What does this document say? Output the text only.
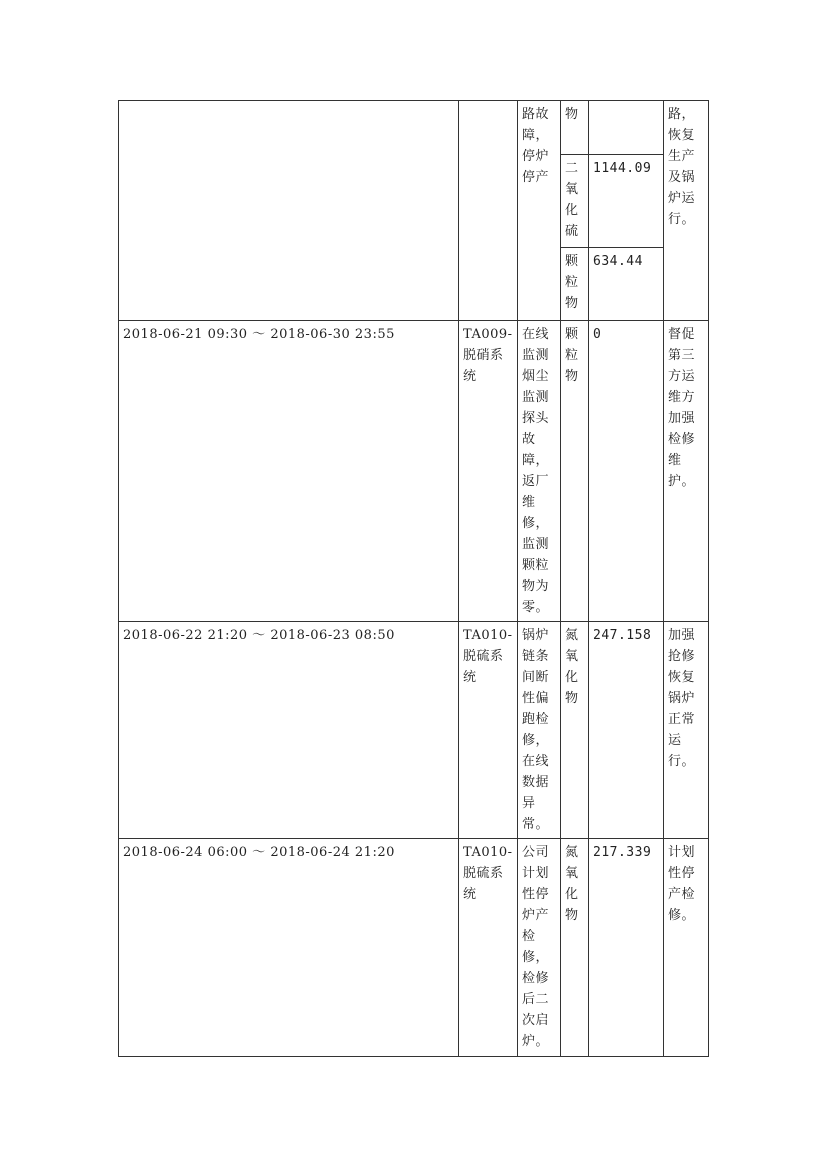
		路故障，停炉停产	物		路，恢复生产及锅炉运行。
			二氧化硫	1144.09	
			颗粒物	634.44	
2018-06-21 09:30 ～ 2018-06-30 23:55	TA009-脱硝系统	在线监测烟尘监测探头故障，返厂维修，监测颗粒物为零。	颗粒物	0	督促第三方运维方加强检修维护。
2018-06-22 21:20 ～ 2018-06-23 08:50	TA010-脱硫系统	锅炉链条间断性偏跑检修，在线数据异常。	氮氧化物	247.158	加强抢修恢复锅炉正常运行。
2018-06-24 06:00 ～ 2018-06-24 21:20	TA010-脱硫系统	公司计划性停炉产检修，检修后二次启炉。	氮氧化物	217.339	计划性停产检修。
